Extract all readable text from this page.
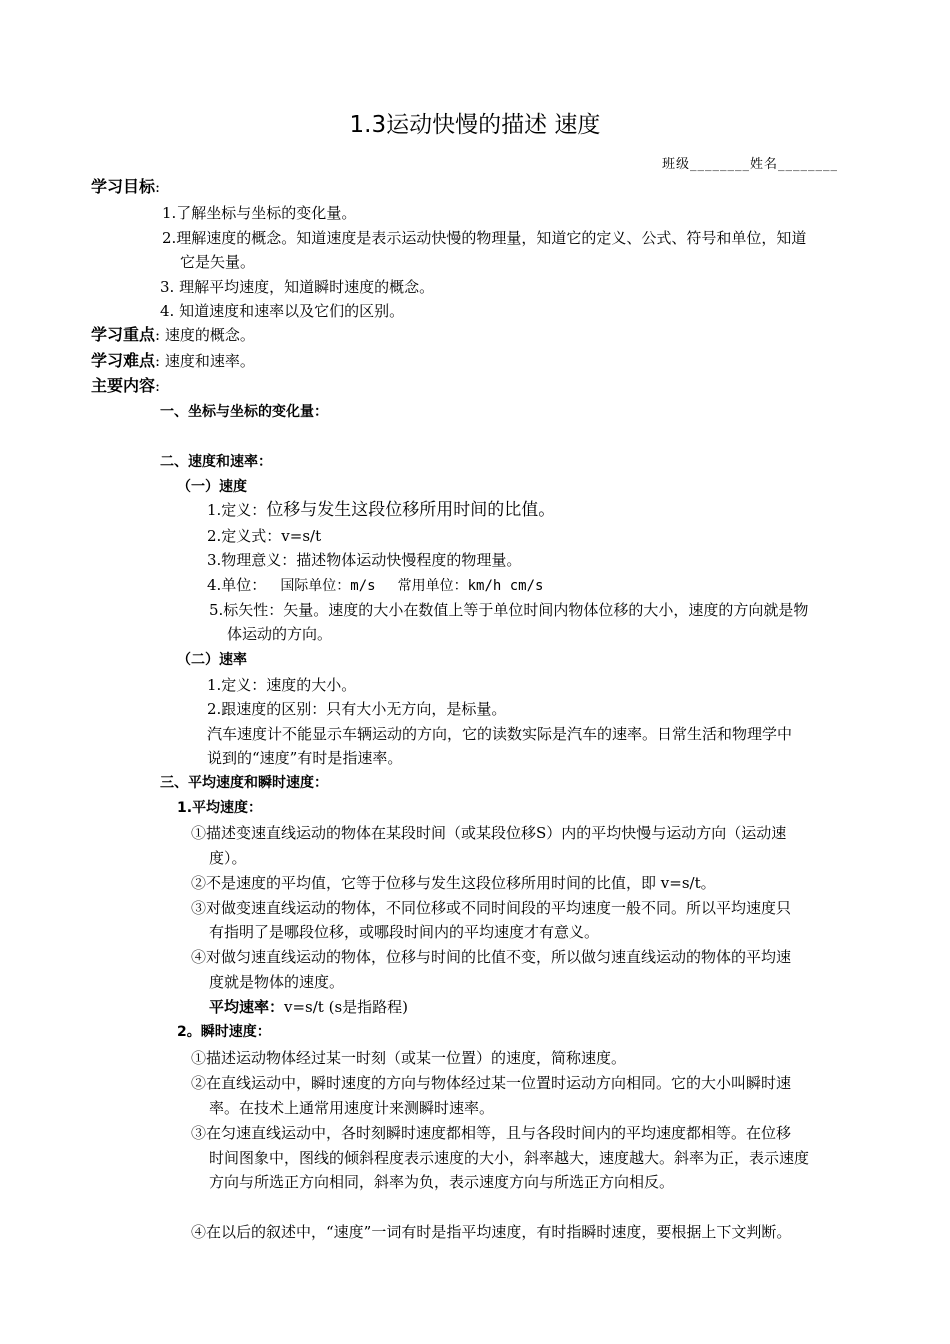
1.3运动快慢的描述 速度
班级________姓名________
学习目标:
1.了解坐标与坐标的变化量。
2.理解速度的概念。知道速度是表示运动快慢的物理量，知道它的定义、公式、符号和单位，知道
它是矢量。
3. 理解平均速度，知道瞬时速度的概念。
4. 知道速度和速率以及它们的区别。
学习重点: 速度的概念。
学习难点: 速度和速率。
主要内容:
一、坐标与坐标的变化量：
二、速度和速率：
（一）速度
1.定义：位移与发生这段位移所用时间的比值。
2.定义式：v=s/t
3.物理意义：描述物体运动快慢程度的物理量。
4.单位： 国际单位：m/s 常用单位：km/h cm/s
5.标矢性：矢量。速度的大小在数值上等于单位时间内物体位移的大小，速度的方向就是物
体运动的方向。
（二）速率
1.定义：速度的大小。
2.跟速度的区别：只有大小无方向，是标量。
汽车速度计不能显示车辆运动的方向，它的读数实际是汽车的速率。日常生活和物理学中
说到的“速度”有时是指速率。
三、平均速度和瞬时速度：
1.平均速度：
①描述变速直线运动的物体在某段时间（或某段位移S）内的平均快慢与运动方向（运动速
度）。
②不是速度的平均值，它等于位移与发生这段位移所用时间的比值，即 v=s/t。
③对做变速直线运动的物体，不同位移或不同时间段的平均速度一般不同。所以平均速度只
有指明了是哪段位移，或哪段时间内的平均速度才有意义。
④对做匀速直线运动的物体，位移与时间的比值不变，所以做匀速直线运动的物体的平均速
度就是物体的速度。
平均速率：v=s/t (s是指路程)
2。瞬时速度：
①描述运动物体经过某一时刻（或某一位置）的速度，简称速度。
②在直线运动中，瞬时速度的方向与物体经过某一位置时运动方向相同。它的大小叫瞬时速
率。在技术上通常用速度计来测瞬时速率。
③在匀速直线运动中，各时刻瞬时速度都相等，且与各段时间内的平均速度都相等。在位移
时间图象中，图线的倾斜程度表示速度的大小，斜率越大，速度越大。斜率为正，表示速度
方向与所选正方向相同，斜率为负，表示速度方向与所选正方向相反。
④在以后的叙述中，“速度”一词有时是指平均速度，有时指瞬时速度，要根据上下文判断。
